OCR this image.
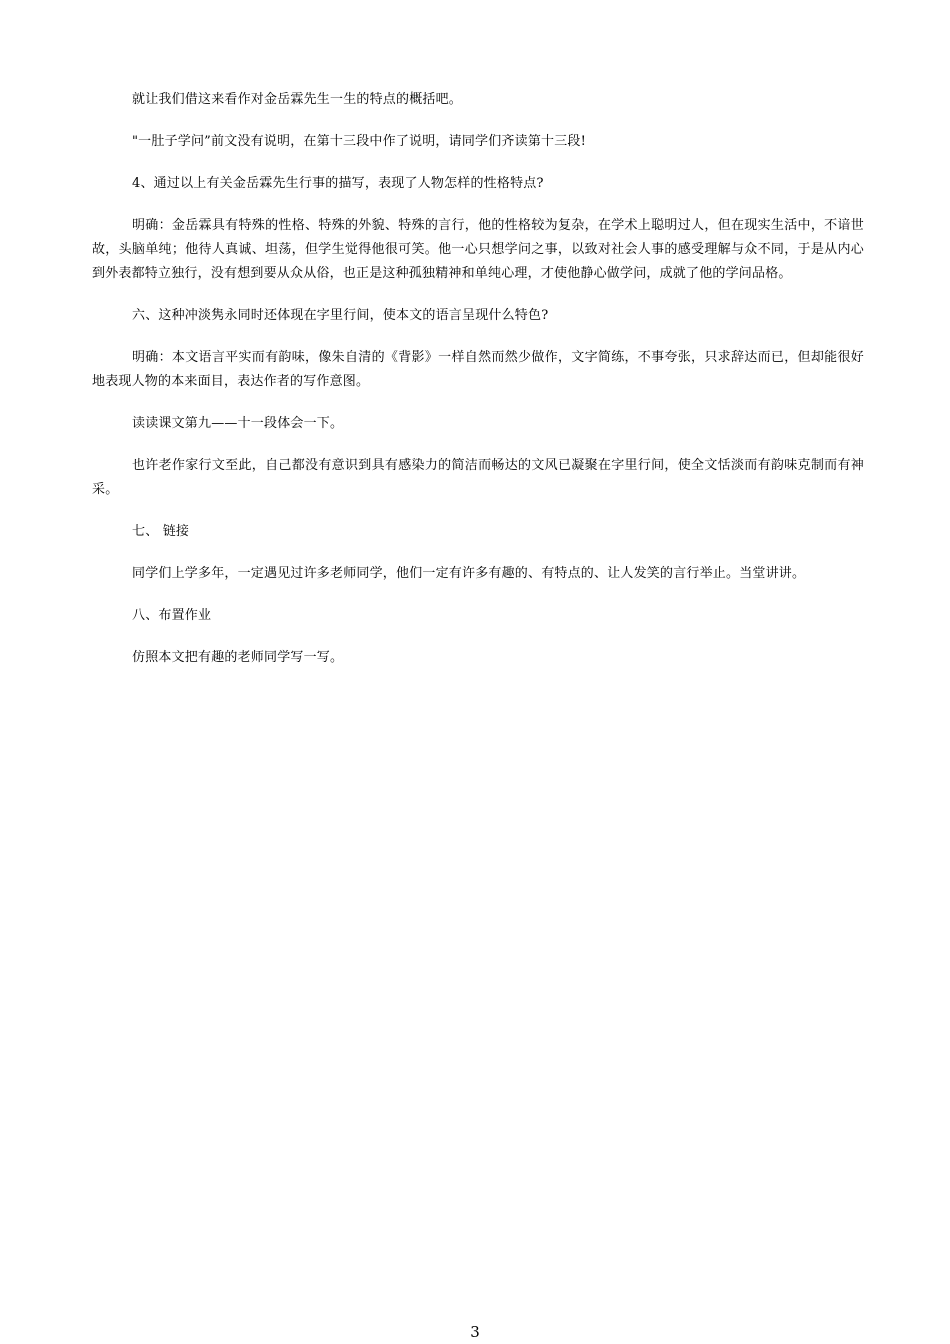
就让我们借这来看作对金岳霖先生一生的特点的概括吧。

"一肚子学问”前文没有说明，在第十三段中作了说明，请同学们齐读第十三段!

4、通过以上有关金岳霖先生行事的描写，表现了人物怎样的性格特点?

明确：金岳霖具有特殊的性格、特殊的外貌、特殊的言行，他的性格较为复杂，在学术上聪明过人，但在现实生活中，不谙世故，头脑单纯；他待人真诚、坦荡，但学生觉得他很可笑。他一心只想学问之事，以致对社会人事的感受理解与众不同，于是从内心到外表都特立独行，没有想到要从众从俗，也正是这种孤独精神和单纯心理，才使他静心做学问，成就了他的学问品格。

六、这种冲淡隽永同时还体现在字里行间，使本文的语言呈现什么特色?

明确：本文语言平实而有韵味，像朱自清的《背影》一样自然而然少做作，文字简练，不事夸张，只求辞达而已，但却能很好地表现人物的本来面目，表达作者的写作意图。

读读课文第九——十一段体会一下。

也许老作家行文至此，自己都没有意识到具有感染力的简洁而畅达的文风已凝聚在字里行间，使全文恬淡而有韵味克制而有神采。

七、 链接

同学们上学多年，一定遇见过许多老师同学，他们一定有许多有趣的、有特点的、让人发笑的言行举止。当堂讲讲。

八、布置作业

仿照本文把有趣的老师同学写一写。

3
